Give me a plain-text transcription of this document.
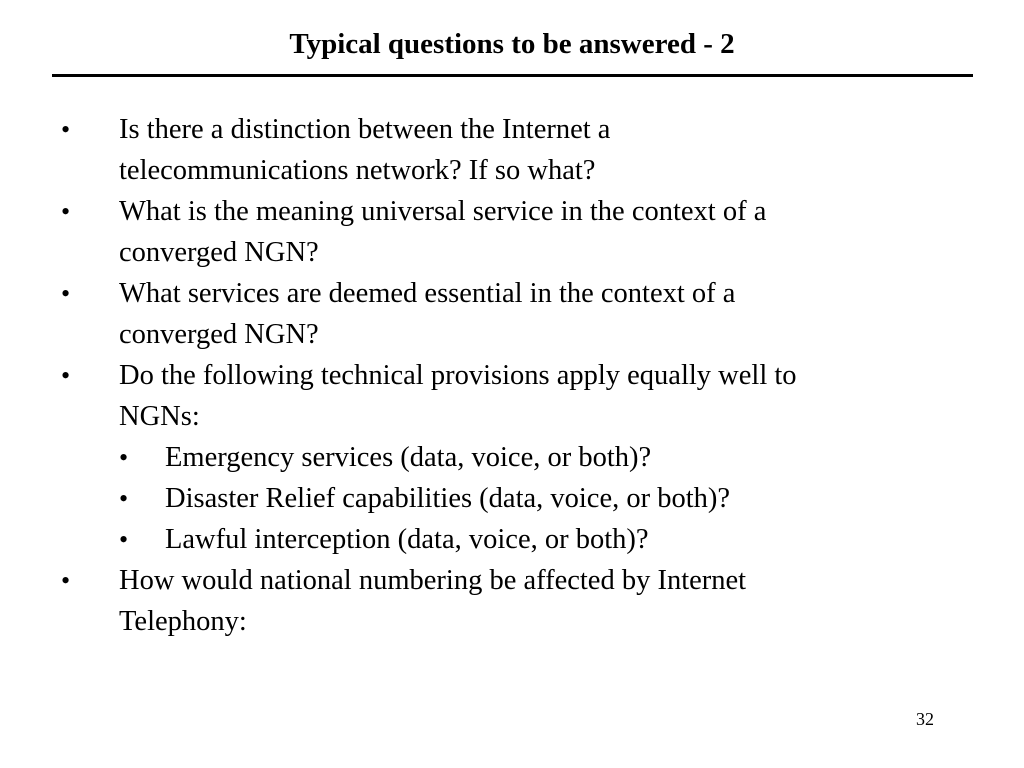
Typical questions to be answered - 2
• Is there a distinction between the Internet a
telecommunications network? If so what?
• What is the meaning universal service in the context of a
converged NGN?
• What services are deemed essential in the context of a
converged NGN?
• Do the following technical provisions apply equally well to
NGNs:
• Emergency services (data, voice, or both)?
• Disaster Relief capabilities (data, voice, or both)?
• Lawful interception (data, voice, or both)?
• How would national numbering be affected by Internet
Telephony:
32
